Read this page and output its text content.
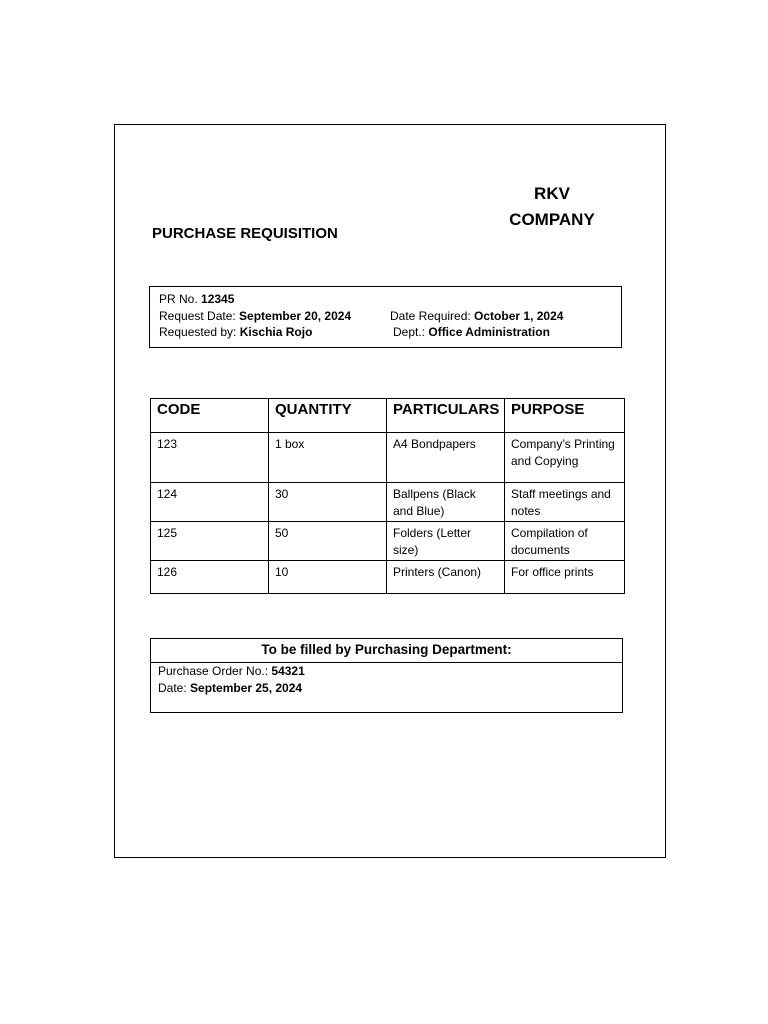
RKV
COMPANY
PURCHASE REQUISITION
PR No. 12345
Request Date: September 20, 2024	Date Required: October 1, 2024
Requested by: Kischia Rojo	Dept.: Office Administration
CODE	QUANTITY	PARTICULARS	PURPOSE
123	1 box	A4 Bondpapers	Company’s Printing and Copying
124	30	Ballpens (Black and Blue)	Staff meetings and notes
125	50	Folders (Letter size)	Compilation of documents
126	10	Printers (Canon)	For office prints
To be filled by Purchasing Department:
Purchase Order No.: 54321
Date: September 25, 2024
